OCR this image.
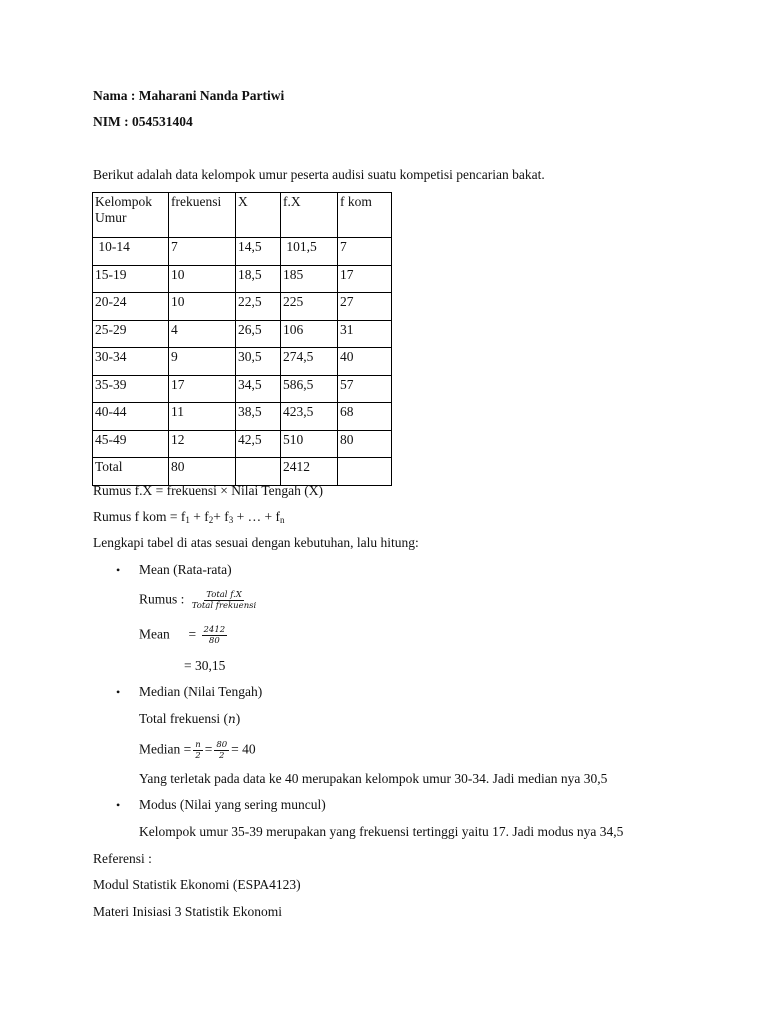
Nama : Maharani Nanda Partiwi
NIM : 054531404
Berikut adalah data kelompok umur peserta audisi suatu kompetisi pencarian bakat.
Kelompok Umur	frekuensi	X	f.X	f kom
10-14	7	14,5	101,5	7
15-19	10	18,5	185	17
20-24	10	22,5	225	27
25-29	4	26,5	106	31
30-34	9	30,5	274,5	40
35-39	17	34,5	586,5	57
40-44	11	38,5	423,5	68
45-49	12	42,5	510	80
Total	80		2412	
Rumus f.X = frekuensi × Nilai Tengah (X)
Rumus f kom = $f_1 + f_2+ f_3$ + … + $f_n$
Lengkapi tabel di atas sesuai dengan kebutuhan, lalu hitung:
• Mean (Rata-rata)
Rumus : $\frac{\text{Total f.X}}{\text{Total frekuensi}}$
Mean = $\frac{2412}{80}$
= 30,15
• Median (Nilai Tengah)
Total frekuensi (n)
Median = $\frac{n}{2} = \frac{80}{2} = 40$
Yang terletak pada data ke 40 merupakan kelompok umur 30-34. Jadi median nya 30,5
• Modus (Nilai yang sering muncul)
Kelompok umur 35-39 merupakan yang frekuensi tertinggi yaitu 17. Jadi modus nya 34,5
Referensi :
Modul Statistik Ekonomi (ESPA4123)
Materi Inisiasi 3 Statistik Ekonomi
